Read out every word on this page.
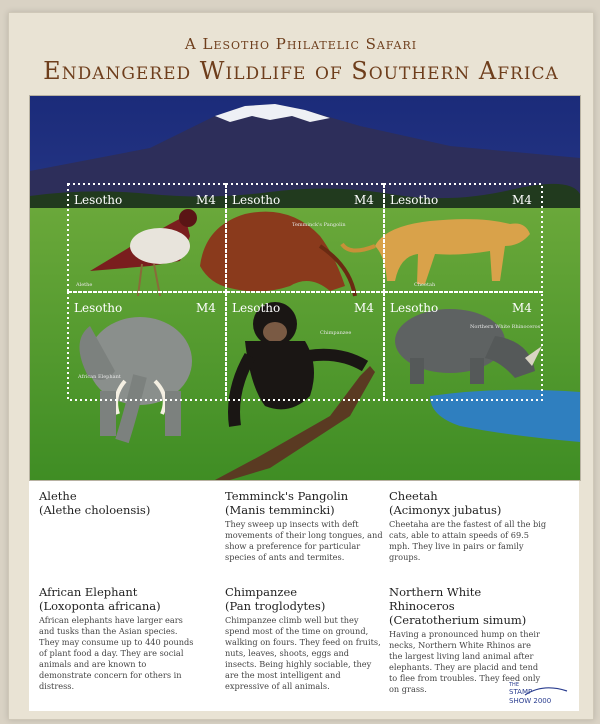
A Lesotho Philatelic Safari
Endangered Wildlife of Southern Africa
Lesotho	M4
Alethe
Lesotho	M4
Temminck's Pangolin
Lesotho	M4
Cheetah
Lesotho	M4
African Elephant
Lesotho	M4
Chimpanzee
Lesotho	M4
Northern White Rhinoceros
Alethe
(Alethe choloensis)
Temminck's Pangolin
(Manis temmincki)
They sweep up insects with deft movements of their long tongues, and show a preference for particular species of ants and termites.
Cheetah
(Acimonyx jubatus)
Cheetaha are the fastest of all the big cats, able to attain speeds of 69.5 mph. They live in pairs or family groups.
African Elephant
(Loxoponta africana)
African elephants have larger ears and tusks than the Asian species. They may consume up to 440 pounds of plant food a day. They are social animals and are known to demonstrate concern for others in distress.
Chimpanzee
(Pan troglodytes)
Chimpanzee climb well but they spend most of the time on ground, walking on fours. They feed on fruits, nuts, leaves, shoots, eggs and insects. Being highly sociable, they are the most intelligent and expressive of all animals.
Northern White Rhinoceros
(Ceratotherium simum)
Having a pronounced hump on their necks, Northern White Rhinos are the largest living land animal after elephants. They are placid and tend to flee from troubles. They feed only on grass.	THE
STAMP
SHOW 2000
